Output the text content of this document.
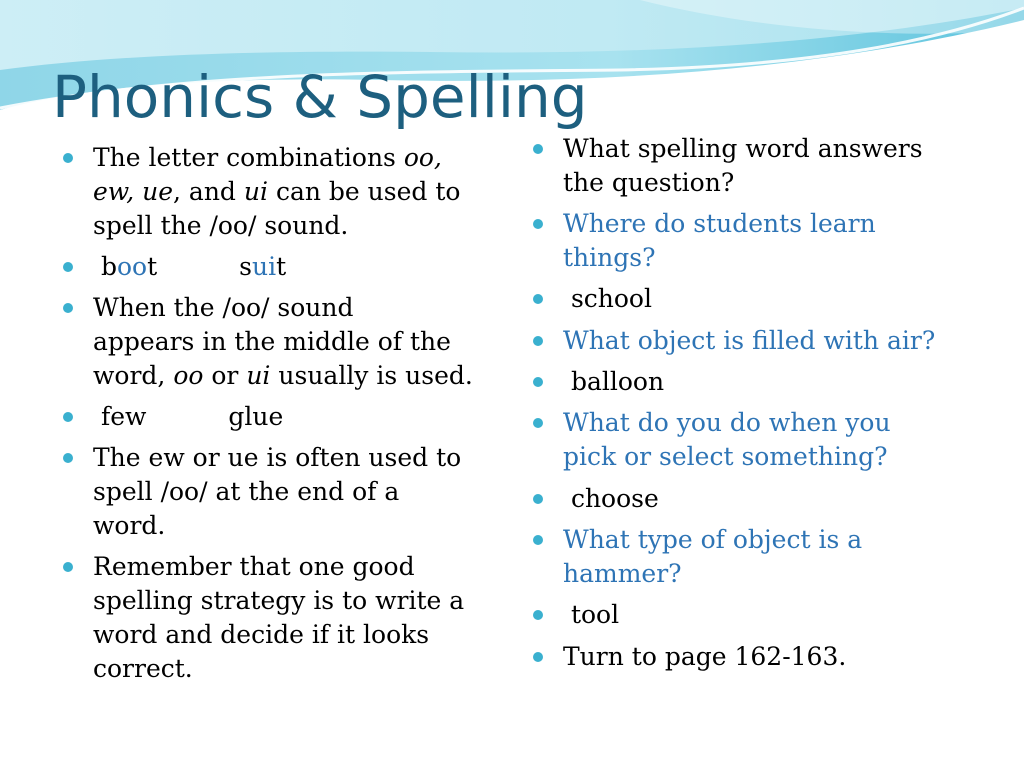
Phonics & Spelling
The letter combinations oo,
ew, ue, and ui can be used to
spell the /oo/ sound.
boot	suit
When the /oo/ sound
appears in the middle of the
word, oo or ui usually is used.
few	glue
The ew or ue is often used to
spell /oo/ at the end of a
word.
Remember that one good
spelling strategy is to write a
word and decide if it looks
correct.
What spelling word answers
the question?
Where do students learn
things?
school
What object is filled with air?
balloon
What do you do when you
pick or select something?
choose
What type of object is a
hammer?
tool
Turn to page 162-163.
